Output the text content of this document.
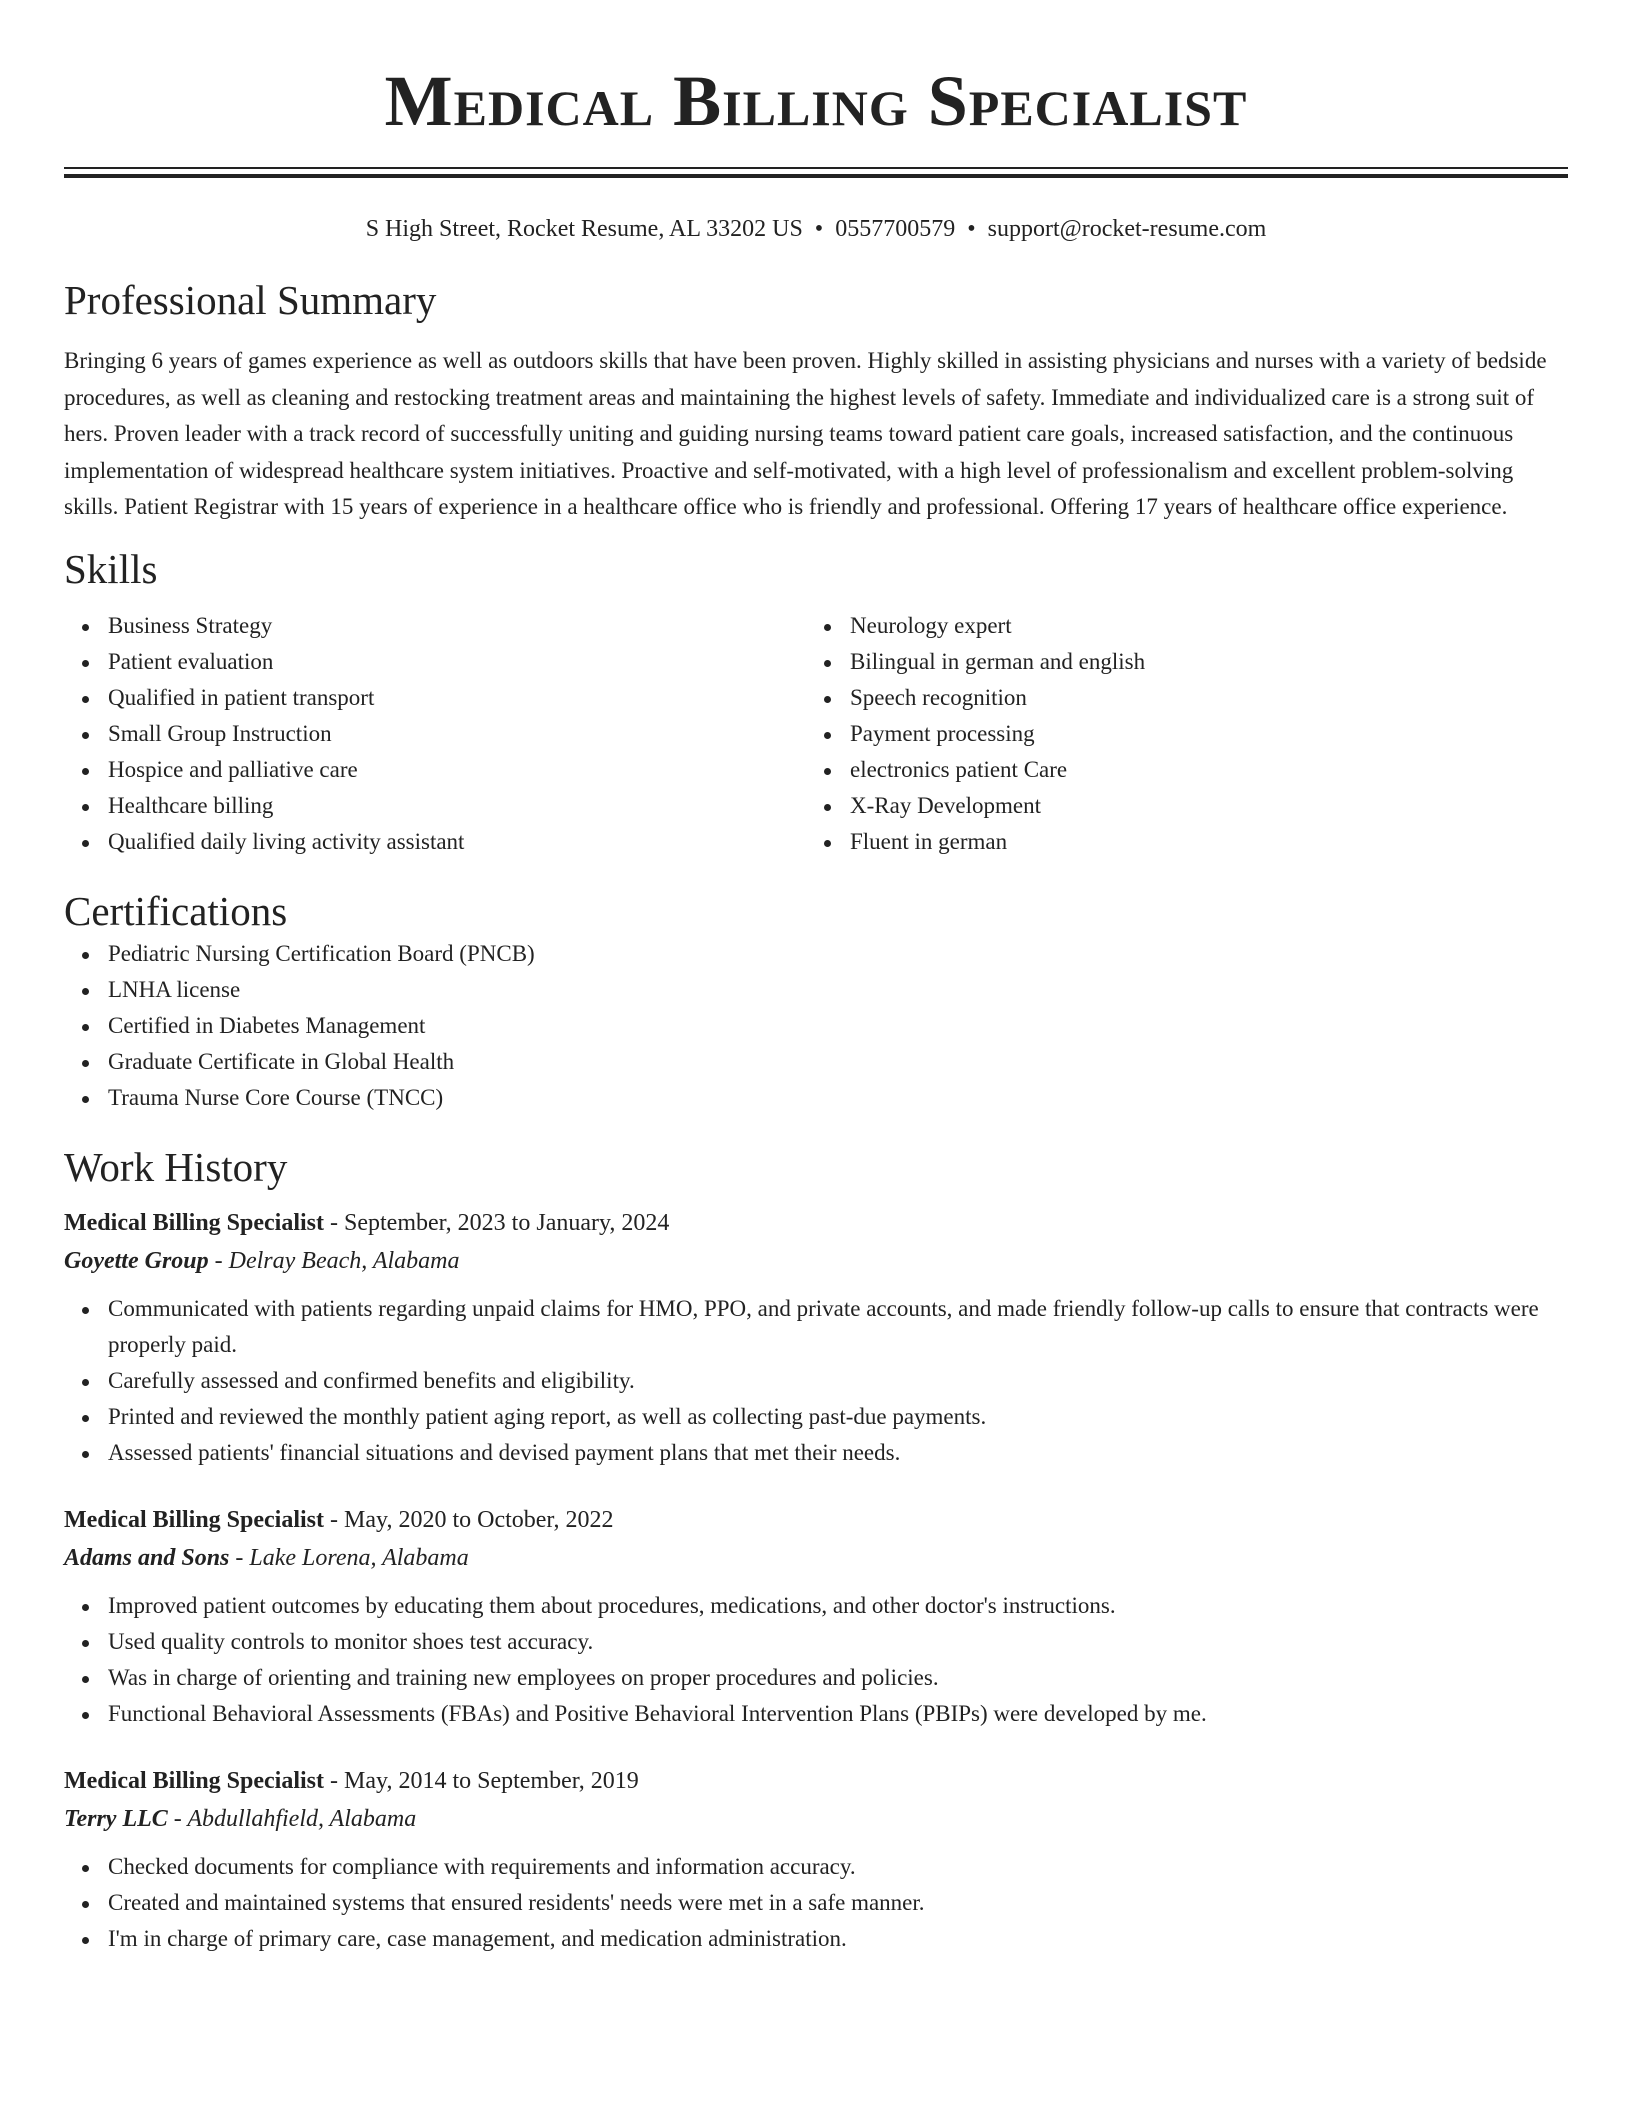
Medical Billing Specialist
S High Street, Rocket Resume, AL 33202 US • 0557700579 • support@rocket-resume.com
Professional Summary
Bringing 6 years of games experience as well as outdoors skills that have been proven. Highly skilled in assisting physicians and nurses with a variety of bedside procedures, as well as cleaning and restocking treatment areas and maintaining the highest levels of safety. Immediate and individualized care is a strong suit of hers. Proven leader with a track record of successfully uniting and guiding nursing teams toward patient care goals, increased satisfaction, and the continuous implementation of widespread healthcare system initiatives. Proactive and self-motivated, with a high level of professionalism and excellent problem-solving skills. Patient Registrar with 15 years of experience in a healthcare office who is friendly and professional. Offering 17 years of healthcare office experience.
Skills
Business Strategy
Patient evaluation
Qualified in patient transport
Small Group Instruction
Hospice and palliative care
Healthcare billing
Qualified daily living activity assistant
Neurology expert
Bilingual in german and english
Speech recognition
Payment processing
electronics patient Care
X-Ray Development
Fluent in german
Certifications
Pediatric Nursing Certification Board (PNCB)
LNHA license
Certified in Diabetes Management
Graduate Certificate in Global Health
Trauma Nurse Core Course (TNCC)
Work History
Medical Billing Specialist - September, 2023 to January, 2024
Goyette Group - Delray Beach, Alabama
Communicated with patients regarding unpaid claims for HMO, PPO, and private accounts, and made friendly follow-up calls to ensure that contracts were properly paid.
Carefully assessed and confirmed benefits and eligibility.
Printed and reviewed the monthly patient aging report, as well as collecting past-due payments.
Assessed patients' financial situations and devised payment plans that met their needs.
Medical Billing Specialist - May, 2020 to October, 2022
Adams and Sons - Lake Lorena, Alabama
Improved patient outcomes by educating them about procedures, medications, and other doctor's instructions.
Used quality controls to monitor shoes test accuracy.
Was in charge of orienting and training new employees on proper procedures and policies.
Functional Behavioral Assessments (FBAs) and Positive Behavioral Intervention Plans (PBIPs) were developed by me.
Medical Billing Specialist - May, 2014 to September, 2019
Terry LLC - Abdullahfield, Alabama
Checked documents for compliance with requirements and information accuracy.
Created and maintained systems that ensured residents' needs were met in a safe manner.
I'm in charge of primary care, case management, and medication administration.
